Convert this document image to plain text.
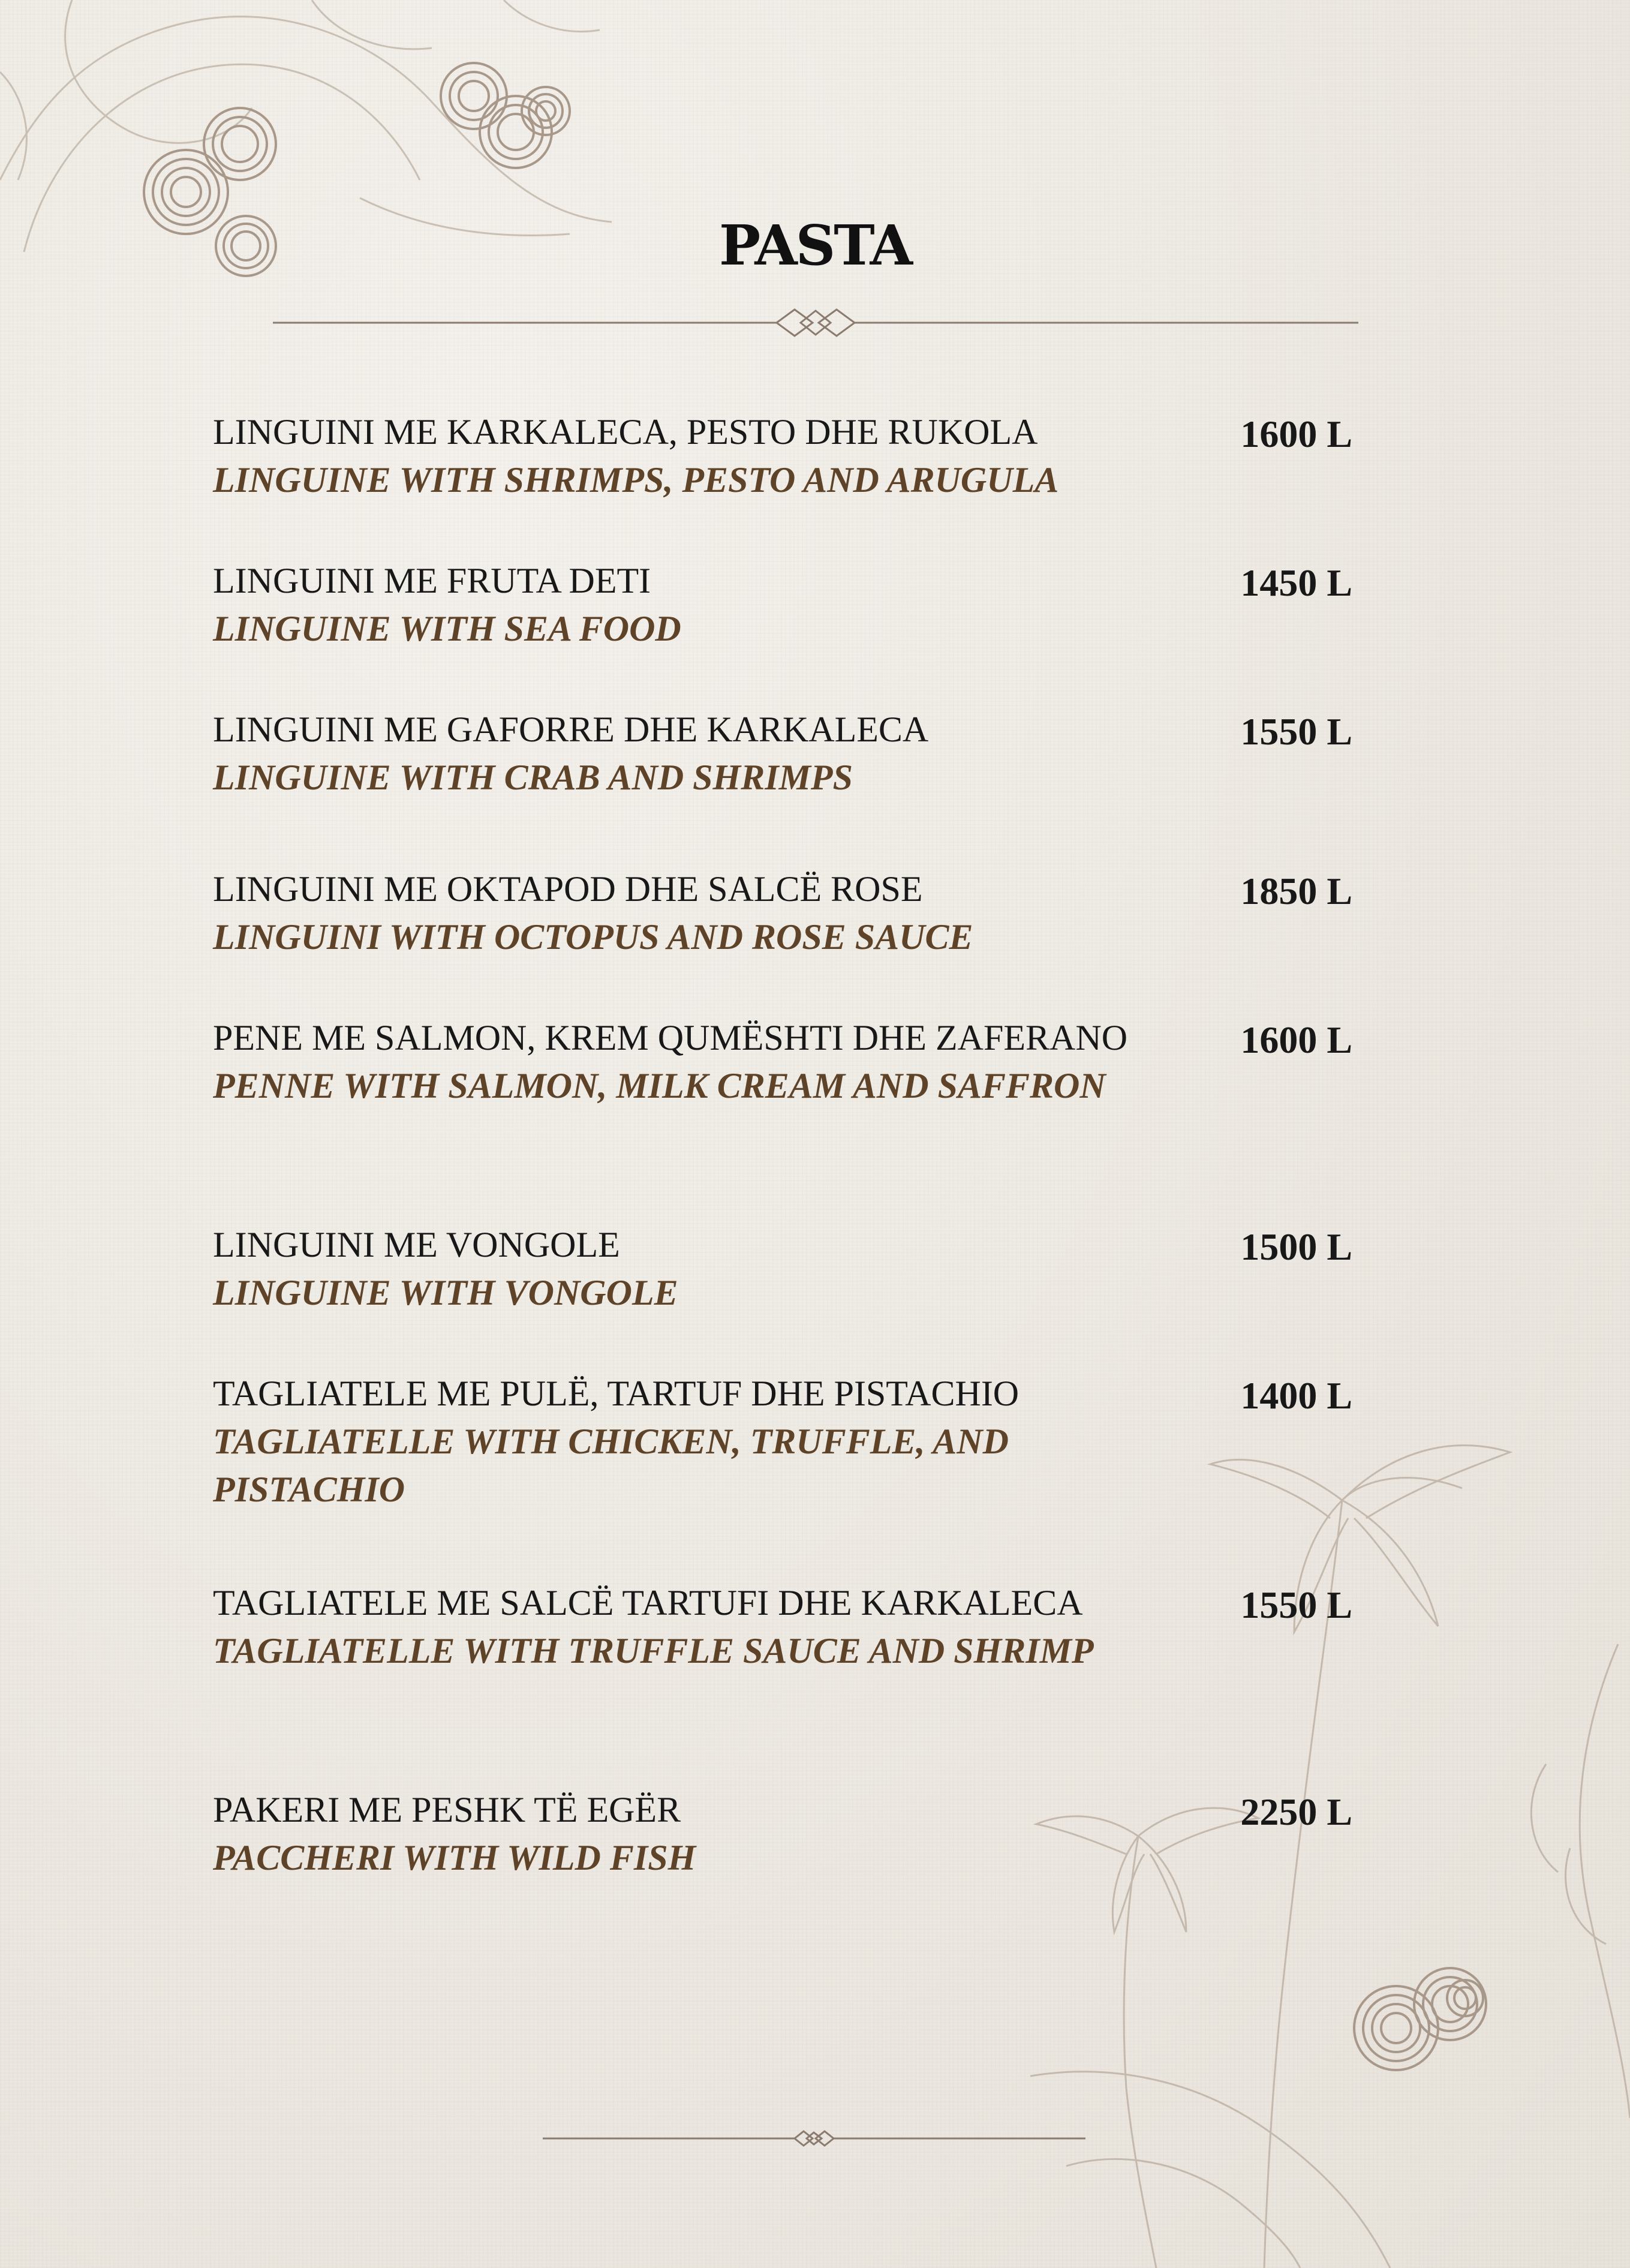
PASTA
LINGUINI ME KARKALECA, PESTO DHE RUKOLA
LINGUINE WITH SHRIMPS, PESTO AND ARUGULA
1600 L
LINGUINI ME FRUTA DETI
LINGUINE WITH SEA FOOD
1450 L
LINGUINI ME GAFORRE DHE KARKALECA
LINGUINE WITH CRAB AND SHRIMPS
1550 L
LINGUINI ME OKTAPOD DHE SALCË ROSE
LINGUINI WITH OCTOPUS AND ROSE SAUCE
1850 L
PENE ME SALMON, KREM QUMËSHTI DHE ZAFERANO
PENNE WITH SALMON, MILK CREAM AND SAFFRON
1600 L
LINGUINI ME VONGOLE
LINGUINE WITH VONGOLE
1500 L
TAGLIATELE ME PULË, TARTUF DHE PISTACHIO
TAGLIATELLE WITH CHICKEN, TRUFFLE, AND PISTACHIO
1400 L
TAGLIATELE ME SALCË TARTUFI DHE KARKALECA
TAGLIATELLE WITH TRUFFLE SAUCE AND SHRIMP
1550 L
PAKERI ME PESHK TË EGËR
PACCHERI WITH WILD FISH
2250 L
